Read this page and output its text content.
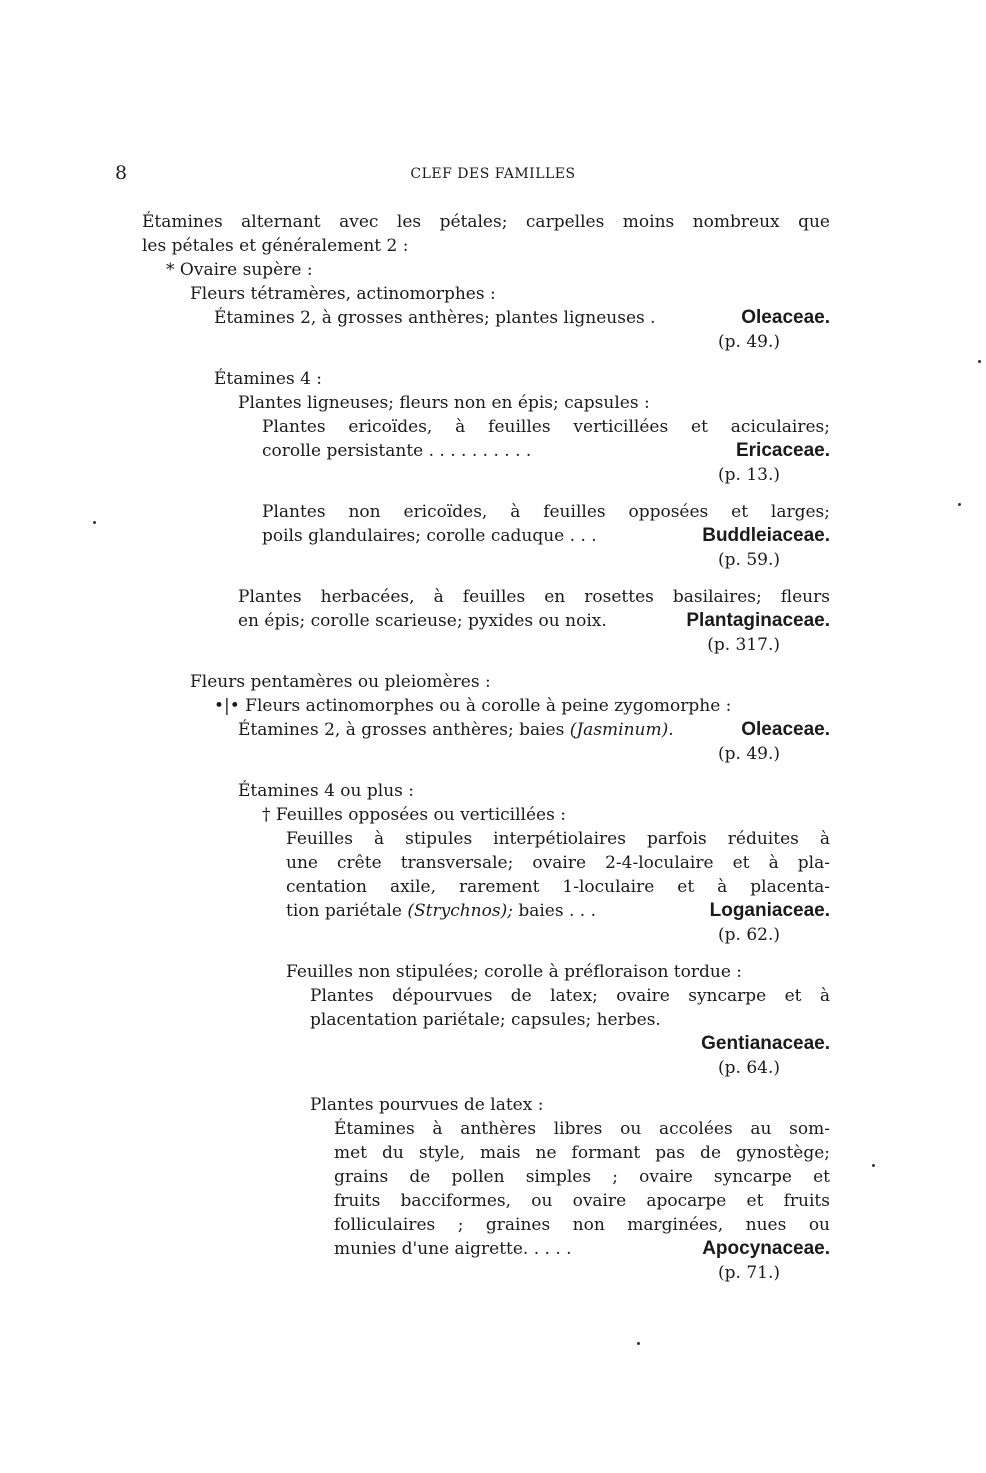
8	CLEF DES FAMILLES
Étamines alternant avec les pétales; carpelles moins nombreux que
les pétales et généralement 2 :
* Ovaire supère :
Fleurs tétramères, actinomorphes :
Étamines 2, à grosses anthères; plantes ligneuses .	Oleaceae.
(p. 49.)
Étamines 4 :
Plantes ligneuses; fleurs non en épis; capsules :
Plantes ericoïdes, à feuilles verticillées et aciculaires;
corolle persistante . . . . . . . . . .	Ericaceae.
(p. 13.)
Plantes non ericoïdes, à feuilles opposées et larges;
poils glandulaires; corolle caduque . . .	Buddleiaceae.
(p. 59.)
Plantes herbacées, à feuilles en rosettes basilaires; fleurs
en épis; corolle scarieuse; pyxides ou noix.	Plantaginaceae.
(p. 317.)
Fleurs pentamères ou pleiomères :
•|• Fleurs actinomorphes ou à corolle à peine zygomorphe :
Étamines 2, à grosses anthères; baies (Jasminum).	Oleaceae.
(p. 49.)
Étamines 4 ou plus :
† Feuilles opposées ou verticillées :
Feuilles à stipules interpétiolaires parfois réduites à
une crête transversale; ovaire 2-4-loculaire et à pla-
centation axile, rarement 1-loculaire et à placenta-
tion pariétale (Strychnos); baies . . .	Loganiaceae.
(p. 62.)
Feuilles non stipulées; corolle à préfloraison tordue :
Plantes dépourvues de latex; ovaire syncarpe et à
placentation pariétale; capsules; herbes.
Gentianaceae.
(p. 64.)
Plantes pourvues de latex :
Étamines à anthères libres ou accolées au som-
met du style, mais ne formant pas de gynostège;
grains de pollen simples ; ovaire syncarpe et
fruits bacciformes, ou ovaire apocarpe et fruits
folliculaires ; graines non marginées, nues ou
munies d'une aigrette. . . . .	Apocynaceae.
(p. 71.)
